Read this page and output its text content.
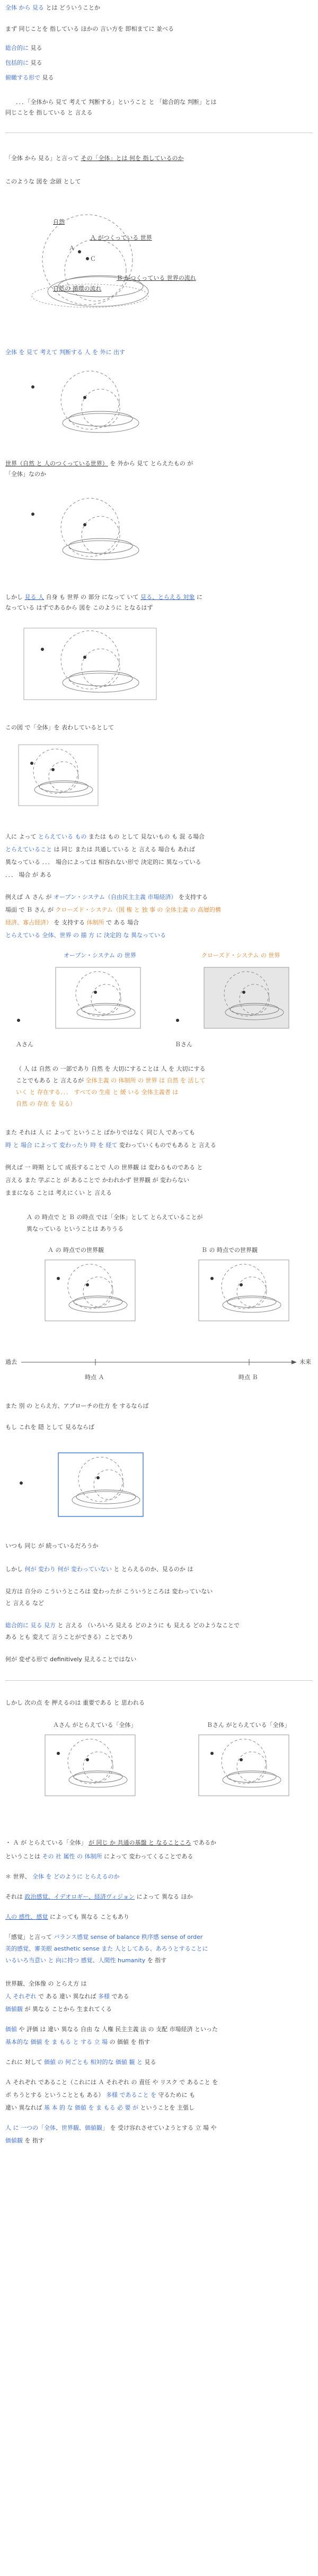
全体 から 見る とは どういうことか
まず 同じことを 指している ほかの 言い方を 即相まてに 並べる
総合的に 見る
包括的に 見る
俯瞰する形で 見る
．．．「全体から 見て 考えて 判断する」ということ と 「総合的な 判断」とは
同じことを 指している と 言える
「全体 から 見る」と言って その「全体」とは 何を 指しているのか
このような 図を 念頭 として
自然
Ａ
Ｃ
Ａ がつくっている 世界
Ｂ がつくっている 世界の流れ
自然の 循環の流れ
全体 を 見て 考えて 判断する 人 を 外に 出す
世界（自然 と 人のつくっている世界） を 外から 見て とらえたもの が
「全体」なのか
しかし 見る 人 自身 も 世界 の 部分 になって いて 見る、とらえる 対象 に
なっている はずであるから 図を このように となるはず
この図 で「全体」を 表わしているとして
人に よって とらえている もの または もの として 見ないもの も 混 る場合
とらえていること は 同じ または 共通している と 言える 場合も あれば
異なっている ．．． 場合によっては 相容れない形で 決定的に 異なっている
．．． 場合 が ある
例えば Ａ さん が オープン・システム（自由民主主義 市場経済） を支持する
場面 で Ｂ さん が クローズド・システム（国 権 と 独 事 の 全体主義 の 高層的構
経済、寡占経済） を 支持する 体制所 で ある 場合
とらえている 全体、世界 の 描 方 に 決定的 な 異なっている
オープン・システム の 世界	クローズド・システム の 世界
Ａさん	Ｂさん
（ 人 は 自然 の 一部であり 自然 を 大切にすることは 人 を 大切にする
ことでもある と 言えるが 全体主義 の 体制所 の 世界 は 自然 を 活して
いく と 存在する．．． すべての 生産 と 緩 いる 全体主義者 は
自然 の 存在 を 見る）
また それは 人 に よって ということ ばかりではなく 同じ人 であっても
時 と 場合 によって 変わったり 時 を 経て 変わっていくものでもある と 言える
例えば 一 時期 として 成長することで 人の 世界観 は 変わるものである と
言える また 学ぶこと が あることで かわれかず 世界観 が 変わらない
ままになる ことは 考えにくい と 言える
Ａ の 時点で と Ｂ の時点 では「全体」として とらえていることが
異なっている ということは ありうる
Ａ の 時点での世界観	Ｂ の 時点での世界観
過去	未来
時点 Ａ	時点 Ｂ
また 別 の とらえ方、アプローチの仕方 を するならば
もし これを 隠 として 見るならば
いつも 同じ が 続っているだろうか
しかし 何が 変わり 何が 変わっていない と とらえるのか、見るのか は
見方は 自分の こういうところは 変わったが こういうところは 変わっていない
と 言える など
総合的に 見る 見方 と 言える （いろいろ 見える どのように も 見える どのようなことで
ある とも 変えて 言うことができる）ことであり
何が 変ぜる形で definitively 見えることではない
しかし 次の点 を 押えるのは 重要である と 思われる
Ａさん がとらえている「全体」	Ｂさん がとらえている「全体」
・ Ａ が とらえている「全体」 が 同じ か 共通の基盤 と なることころ であるか
ということは その 社 属性 の 体制所 によって 変わってくることである
＊ 世界、 全体 を どのように とらえるのか
それは 政治感覚、イデオロギー、経済ヴィジョン によって 異なる ほか
人の 感性、感覚 によっても 異なる こともあり
「感覚」と言って バランス感覚 sense of balance 秩序感 sense of order
美的感覚、審美眼 aesthetic sense また 人としてある、あろうとすることに
いるいろ当意い と 向に持つ 感覚、人間性 humanity を 指す
世界観、全体像 の とらえ方 は
人 それぞれ で ある 違い 異なれば 多様 である
価値観 が 異なる ことから 生まれてくる
価値 や 評価 は 違い 異なる 自由 な 人権 民主主義 法 の 支配 市場経済 といった
基本的な 価値 を ま もる と する 立 場 の 価値 を 指す
これに 対して 価値 の 何ごとも 相対的な 価値 観 と 見る
Ａ それぞれ であること（これには Ａ それぞれ の 責任 や リスク で あること を
ポ ちうとする ということとも ある） 多様 であること を 守るために も
違い 異なれば 基 本 的 な 価値 を ま もる 必 要 が ということを 主張し
人 に 一つの「全体、世界観、価値観」 を 受け容れさせていようとする 立 場 や
価値観 を 指す
